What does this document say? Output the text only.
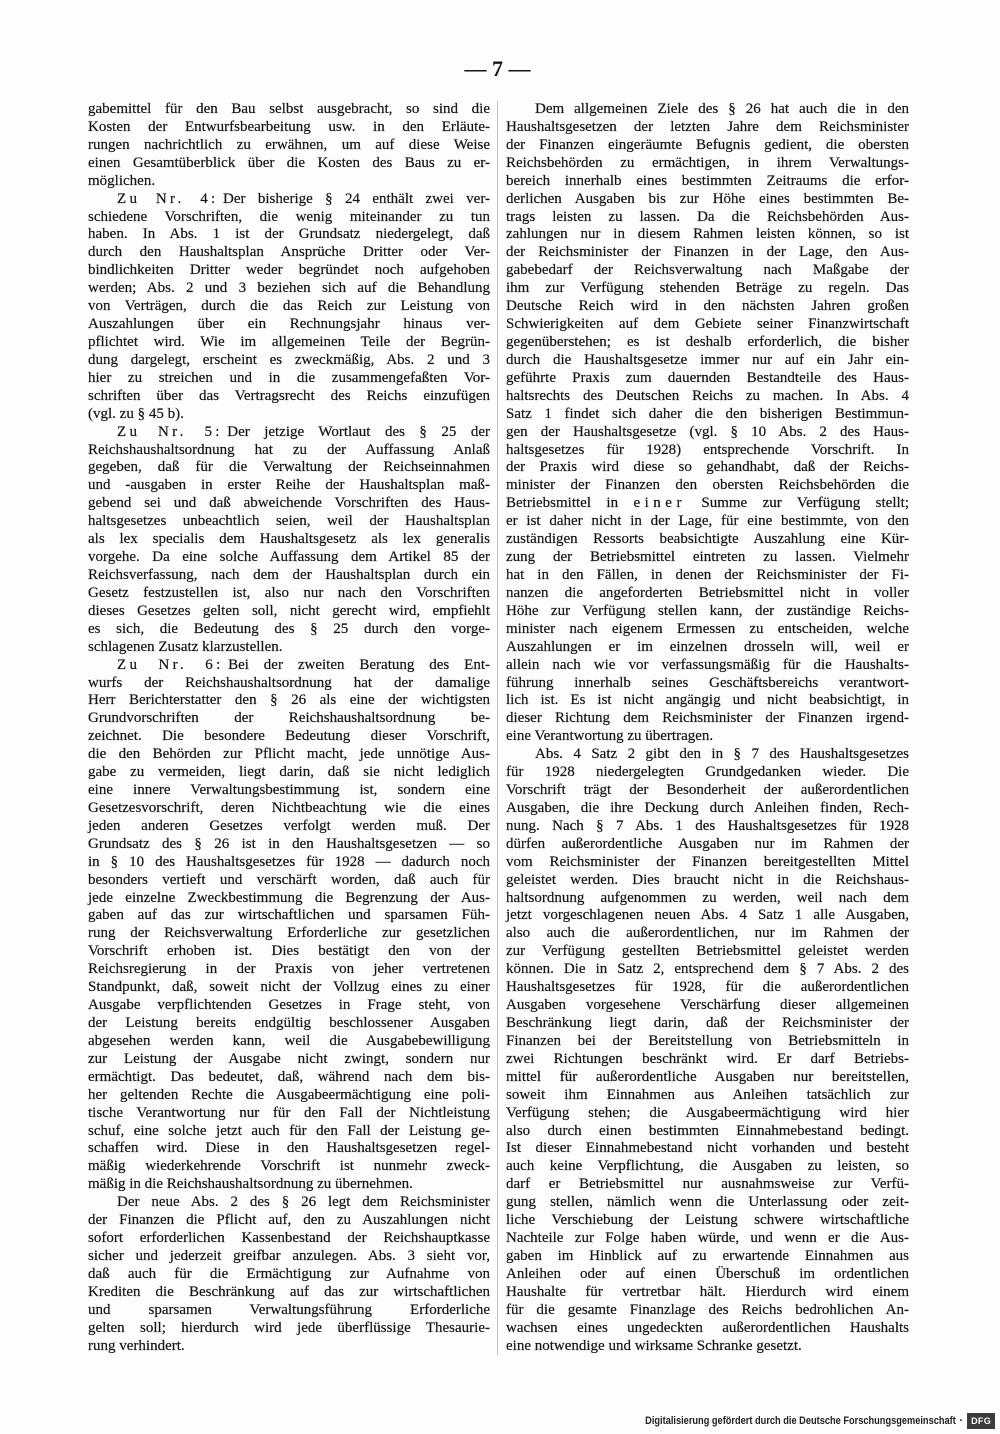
— 7 —
gabemittel für den Bau selbst ausgebracht, so sind die
Kosten der Entwurfsbearbeitung usw. in den Erläute-
rungen nachrichtlich zu erwähnen, um auf diese Weise
einen Gesamtüberblick über die Kosten des Baus zu er-
möglichen.
Zu Nr. 4: Der bisherige § 24 enthält zwei ver-
schiedene Vorschriften, die wenig miteinander zu tun
haben. In Abs. 1 ist der Grundsatz niedergelegt, daß
durch den Haushaltsplan Ansprüche Dritter oder Ver-
bindlichkeiten Dritter weder begründet noch aufgehoben
werden; Abs. 2 und 3 beziehen sich auf die Behandlung
von Verträgen, durch die das Reich zur Leistung von
Auszahlungen über ein Rechnungsjahr hinaus ver-
pflichtet wird. Wie im allgemeinen Teile der Begrün-
dung dargelegt, erscheint es zweckmäßig, Abs. 2 und 3
hier zu streichen und in die zusammengefaßten Vor-
schriften über das Vertragsrecht des Reichs einzufügen
(vgl. zu § 45 b).
Zu Nr. 5: Der jetzige Wortlaut des § 25 der
Reichshaushaltsordnung hat zu der Auffassung Anlaß
gegeben, daß für die Verwaltung der Reichseinnahmen
und -ausgaben in erster Reihe der Haushaltsplan maß-
gebend sei und daß abweichende Vorschriften des Haus-
haltsgesetzes unbeachtlich seien, weil der Haushaltsplan
als lex specialis dem Haushaltsgesetz als lex generalis
vorgehe. Da eine solche Auffassung dem Artikel 85 der
Reichsverfassung, nach dem der Haushaltsplan durch ein
Gesetz festzustellen ist, also nur nach den Vorschriften
dieses Gesetzes gelten soll, nicht gerecht wird, empfiehlt
es sich, die Bedeutung des § 25 durch den vorge-
schlagenen Zusatz klarzustellen.
Zu Nr. 6: Bei der zweiten Beratung des Ent-
wurfs der Reichshaushaltsordnung hat der damalige
Herr Berichterstatter den § 26 als eine der wichtigsten
Grundvorschriften der Reichshaushaltsordnung be-
zeichnet. Die besondere Bedeutung dieser Vorschrift,
die den Behörden zur Pflicht macht, jede unnötige Aus-
gabe zu vermeiden, liegt darin, daß sie nicht lediglich
eine innere Verwaltungsbestimmung ist, sondern eine
Gesetzesvorschrift, deren Nichtbeachtung wie die eines
jeden anderen Gesetzes verfolgt werden muß. Der
Grundsatz des § 26 ist in den Haushaltsgesetzen — so
in § 10 des Haushaltsgesetzes für 1928 — dadurch noch
besonders vertieft und verschärft worden, daß auch für
jede einzelne Zweckbestimmung die Begrenzung der Aus-
gaben auf das zur wirtschaftlichen und sparsamen Füh-
rung der Reichsverwaltung Erforderliche zur gesetzlichen
Vorschrift erhoben ist. Dies bestätigt den von der
Reichsregierung in der Praxis von jeher vertretenen
Standpunkt, daß, soweit nicht der Vollzug eines zu einer
Ausgabe verpflichtenden Gesetzes in Frage steht, von
der Leistung bereits endgültig beschlossener Ausgaben
abgesehen werden kann, weil die Ausgabebewilligung
zur Leistung der Ausgabe nicht zwingt, sondern nur
ermächtigt. Das bedeutet, daß, während nach dem bis-
her geltenden Rechte die Ausgabeermächtigung eine poli-
tische Verantwortung nur für den Fall der Nichtleistung
schuf, eine solche jetzt auch für den Fall der Leistung ge-
schaffen wird. Diese in den Haushaltsgesetzen regel-
mäßig wiederkehrende Vorschrift ist nunmehr zweck-
mäßig in die Reichshaushaltsordnung zu übernehmen.
Der neue Abs. 2 des § 26 legt dem Reichsminister
der Finanzen die Pflicht auf, den zu Auszahlungen nicht
sofort erforderlichen Kassenbestand der Reichshauptkasse
sicher und jederzeit greifbar anzulegen. Abs. 3 sieht vor,
daß auch für die Ermächtigung zur Aufnahme von
Krediten die Beschränkung auf das zur wirtschaftlichen
und sparsamen Verwaltungsführung Erforderliche
gelten soll; hierdurch wird jede überflüssige Thesaurie-
rung verhindert.
Dem allgemeinen Ziele des § 26 hat auch die in den
Haushaltsgesetzen der letzten Jahre dem Reichsminister
der Finanzen eingeräumte Befugnis gedient, die obersten
Reichsbehörden zu ermächtigen, in ihrem Verwaltungs-
bereich innerhalb eines bestimmten Zeitraums die erfor-
derlichen Ausgaben bis zur Höhe eines bestimmten Be-
trags leisten zu lassen. Da die Reichsbehörden Aus-
zahlungen nur in diesem Rahmen leisten können, so ist
der Reichsminister der Finanzen in der Lage, den Aus-
gabebedarf der Reichsverwaltung nach Maßgabe der
ihm zur Verfügung stehenden Beträge zu regeln. Das
Deutsche Reich wird in den nächsten Jahren großen
Schwierigkeiten auf dem Gebiete seiner Finanzwirtschaft
gegenüberstehen; es ist deshalb erforderlich, die bisher
durch die Haushaltsgesetze immer nur auf ein Jahr ein-
geführte Praxis zum dauernden Bestandteile des Haus-
haltsrechts des Deutschen Reichs zu machen. In Abs. 4
Satz 1 findet sich daher die den bisherigen Bestimmun-
gen der Haushaltsgesetze (vgl. § 10 Abs. 2 des Haus-
haltsgesetzes für 1928) entsprechende Vorschrift. In
der Praxis wird diese so gehandhabt, daß der Reichs-
minister der Finanzen den obersten Reichsbehörden die
Betriebsmittel in einer Summe zur Verfügung stellt;
er ist daher nicht in der Lage, für eine bestimmte, von den
zuständigen Ressorts beabsichtigte Auszahlung eine Kür-
zung der Betriebsmittel eintreten zu lassen. Vielmehr
hat in den Fällen, in denen der Reichsminister der Fi-
nanzen die angeforderten Betriebsmittel nicht in voller
Höhe zur Verfügung stellen kann, der zuständige Reichs-
minister nach eigenem Ermessen zu entscheiden, welche
Auszahlungen er im einzelnen drosseln will, weil er
allein nach wie vor verfassungsmäßig für die Haushalts-
führung innerhalb seines Geschäftsbereichs verantwort-
lich ist. Es ist nicht angängig und nicht beabsichtigt, in
dieser Richtung dem Reichsminister der Finanzen irgend-
eine Verantwortung zu übertragen.
Abs. 4 Satz 2 gibt den in § 7 des Haushaltsgesetzes
für 1928 niedergelegten Grundgedanken wieder. Die
Vorschrift trägt der Besonderheit der außerordentlichen
Ausgaben, die ihre Deckung durch Anleihen finden, Rech-
nung. Nach § 7 Abs. 1 des Haushaltsgesetzes für 1928
dürfen außerordentliche Ausgaben nur im Rahmen der
vom Reichsminister der Finanzen bereitgestellten Mittel
geleistet werden. Dies braucht nicht in die Reichshaus-
haltsordnung aufgenommen zu werden, weil nach dem
jetzt vorgeschlagenen neuen Abs. 4 Satz 1 alle Ausgaben,
also auch die außerordentlichen, nur im Rahmen der
zur Verfügung gestellten Betriebsmittel geleistet werden
können. Die in Satz 2, entsprechend dem § 7 Abs. 2 des
Haushaltsgesetzes für 1928, für die außerordentlichen
Ausgaben vorgesehene Verschärfung dieser allgemeinen
Beschränkung liegt darin, daß der Reichsminister der
Finanzen bei der Bereitstellung von Betriebsmitteln in
zwei Richtungen beschränkt wird. Er darf Betriebs-
mittel für außerordentliche Ausgaben nur bereitstellen,
soweit ihm Einnahmen aus Anleihen tatsächlich zur
Verfügung stehen; die Ausgabeermächtigung wird hier
also durch einen bestimmten Einnahmebestand bedingt.
Ist dieser Einnahmebestand nicht vorhanden und besteht
auch keine Verpflichtung, die Ausgaben zu leisten, so
darf er Betriebsmittel nur ausnahmsweise zur Verfü-
gung stellen, nämlich wenn die Unterlassung oder zeit-
liche Verschiebung der Leistung schwere wirtschaftliche
Nachteile zur Folge haben würde, und wenn er die Aus-
gaben im Hinblick auf zu erwartende Einnahmen aus
Anleihen oder auf einen Überschuß im ordentlichen
Haushalte für vertretbar hält. Hierdurch wird einem
für die gesamte Finanzlage des Reichs bedrohlichen An-
wachsen eines ungedeckten außerordentlichen Haushalts
eine notwendige und wirksame Schranke gesetzt.
Digitalisierung gefördert durch die Deutsche Forschungsgemeinschaft · DFG
